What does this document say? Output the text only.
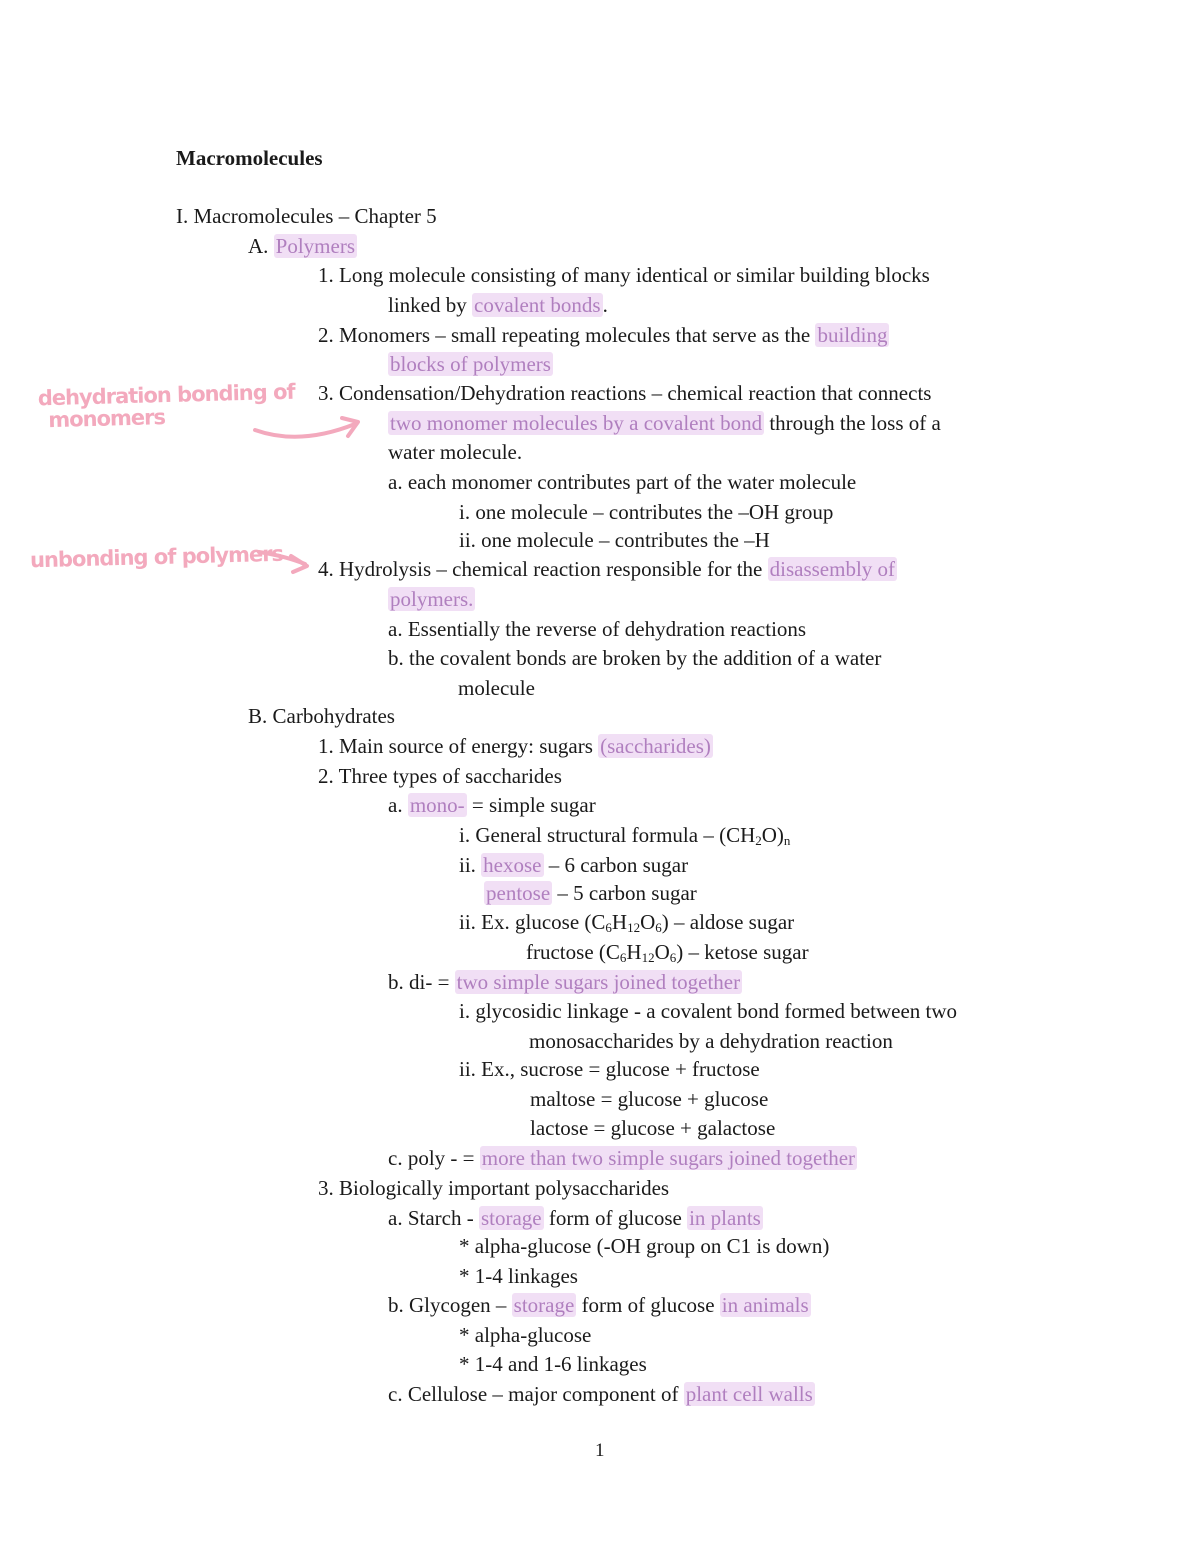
dehydration bonding of
monomers
unbonding of polymers
Macromolecules
I. Macromolecules – Chapter 5
A. Polymers
1. Long molecule consisting of many identical or similar building blocks
linked by covalent bonds.
2. Monomers – small repeating molecules that serve as the building
blocks of polymers
3. Condensation/Dehydration reactions – chemical reaction that connects
two monomer molecules by a covalent bond through the loss of a
water molecule.
a. each monomer contributes part of the water molecule
i. one molecule – contributes the –OH group
ii. one molecule – contributes the –H
4. Hydrolysis – chemical reaction responsible for the disassembly of
polymers.
a. Essentially the reverse of dehydration reactions
b. the covalent bonds are broken by the addition of a water
molecule
B. Carbohydrates
1. Main source of energy: sugars (saccharides)
2. Three types of saccharides
a. mono- = simple sugar
i. General structural formula – $(CH_2O)_n$
ii. hexose – 6 carbon sugar
pentose – 5 carbon sugar
ii. Ex. glucose $(C_6H_{12}O_6)$ – aldose sugar
fructose $(C_6H_{12}O_6)$ – ketose sugar
b. di- = two simple sugars joined together
i. glycosidic linkage - a covalent bond formed between two
monosaccharides by a dehydration reaction
ii. Ex., sucrose = glucose + fructose
maltose = glucose + glucose
lactose = glucose + galactose
c. poly - = more than two simple sugars joined together
3. Biologically important polysaccharides
a. Starch - storage form of glucose in plants
* alpha-glucose (-OH group on C1 is down)
* 1-4 linkages
b. Glycogen – storage form of glucose in animals
* alpha-glucose
* 1-4 and 1-6 linkages
c. Cellulose – major component of plant cell walls
1
